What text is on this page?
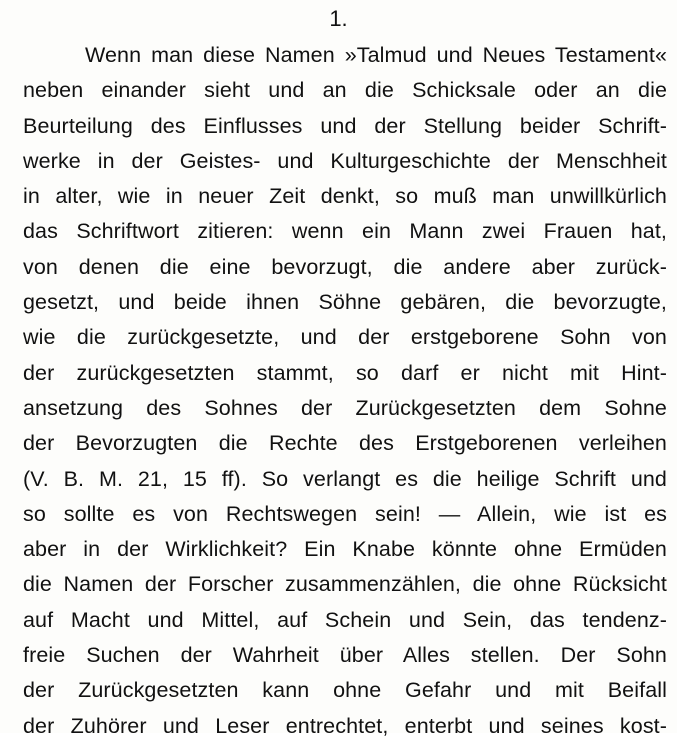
1.
Wenn man diese Namen »Talmud und Neues Testament«
neben einander sieht und an die Schicksale oder an die
Beurteilung des Einflusses und der Stellung beider Schrift-
werke in der Geistes- und Kulturgeschichte der Menschheit
in alter, wie in neuer Zeit denkt, so muß man unwillkürlich
das Schriftwort zitieren: wenn ein Mann zwei Frauen hat,
von denen die eine bevorzugt, die andere aber zurück-
gesetzt, und beide ihnen Söhne gebären, die bevorzugte,
wie die zurückgesetzte, und der erstgeborene Sohn von
der zurückgesetzten stammt, so darf er nicht mit Hint-
ansetzung des Sohnes der Zurückgesetzten dem Sohne
der Bevorzugten die Rechte des Erstgeborenen verleihen
(V. B. M. 21, 15 ff). So verlangt es die heilige Schrift und
so sollte es von Rechtswegen sein! — Allein, wie ist es
aber in der Wirklichkeit? Ein Knabe könnte ohne Ermüden
die Namen der Forscher zusammenzählen, die ohne Rücksicht
auf Macht und Mittel, auf Schein und Sein, das tendenz-
freie Suchen der Wahrheit über Alles stellen. Der Sohn
der Zurückgesetzten kann ohne Gefahr und mit Beifall
der Zuhörer und Leser entrechtet, enterbt und seines kost-
